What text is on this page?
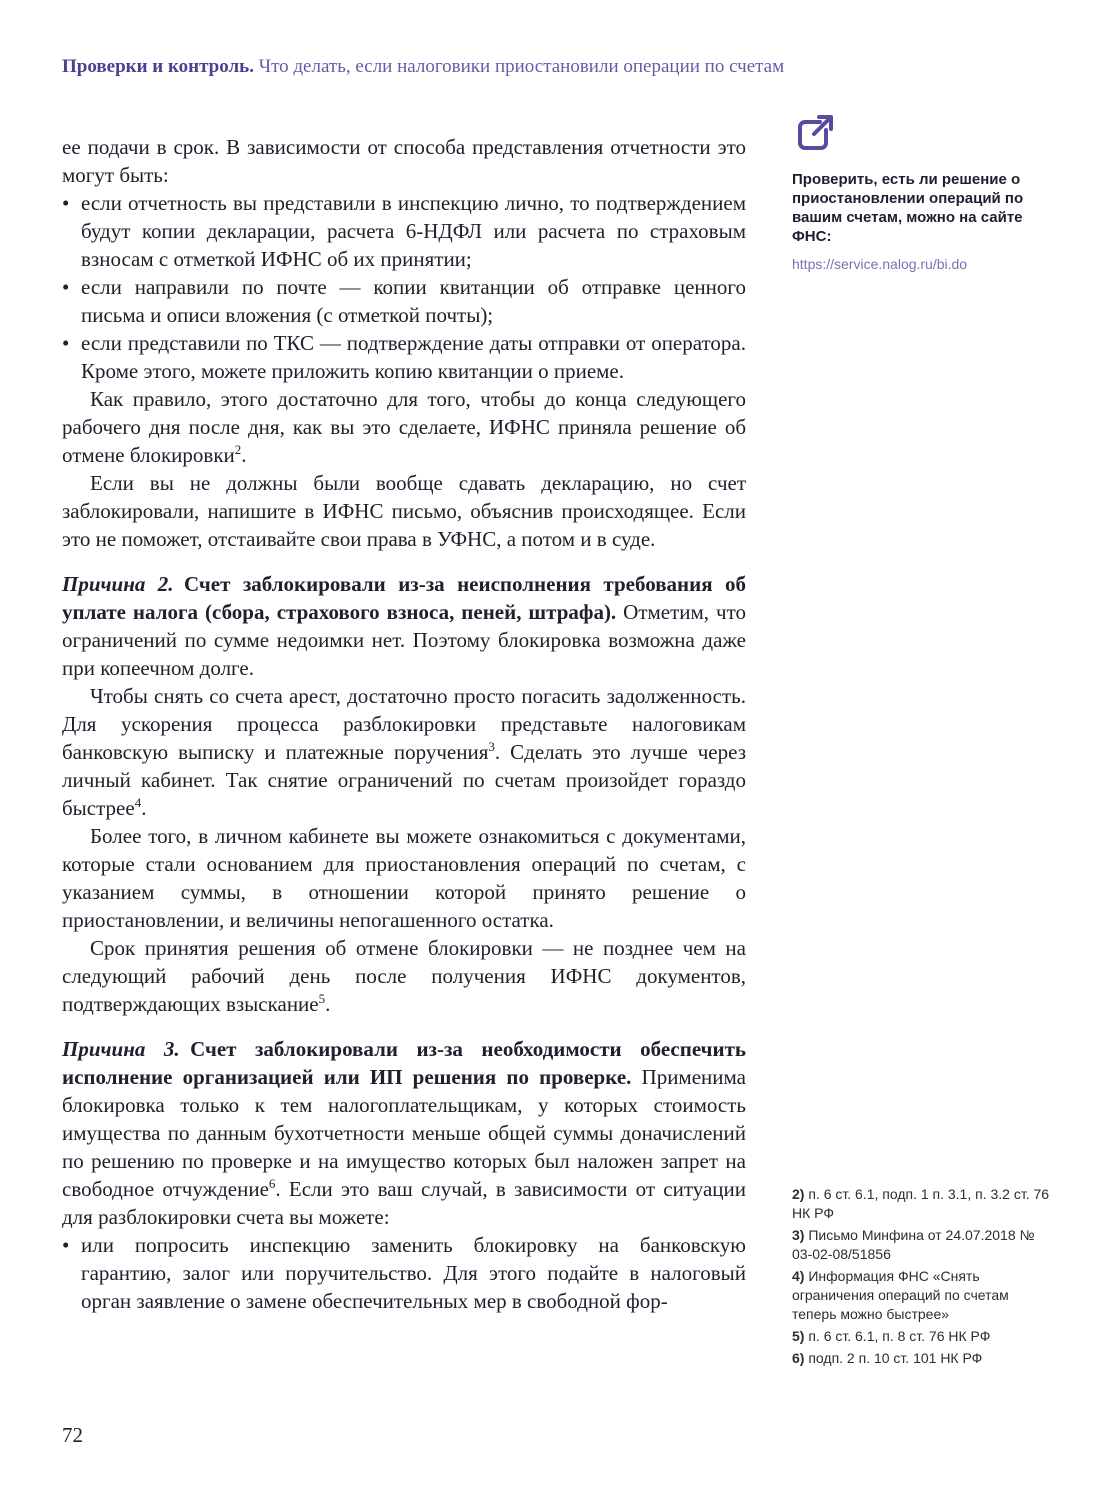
Проверки и контроль. Что делать, если налоговики приостановили операции по счетам
ее подачи в срок. В зависимости от способа представления отчетности это могут быть:
• если отчетность вы представили в инспекцию лично, то подтверждением будут копии декларации, расчета 6-НДФЛ или расчета по страховым взносам с отметкой ИФНС об их принятии;
• если направили по почте — копии квитанции об отправке ценного письма и описи вложения (с отметкой почты);
• если представили по ТКС — подтверждение даты отправки от оператора. Кроме этого, можете приложить копию квитанции о приеме.
Как правило, этого достаточно для того, чтобы до конца следующего рабочего дня после дня, как вы это сделаете, ИФНС приняла решение об отмене блокировки$^2$.
Если вы не должны были вообще сдавать декларацию, но счет заблокировали, напишите в ИФНС письмо, объяснив происходящее. Если это не поможет, отстаивайте свои права в УФНС, а потом и в суде.
Причина 2. Счет заблокировали из-за неисполнения требования об уплате налога (сбора, страхового взноса, пеней, штрафа). Отметим, что ограничений по сумме недоимки нет. Поэтому блокировка возможна даже при копеечном долге.
Чтобы снять со счета арест, достаточно просто погасить задолженность. Для ускорения процесса разблокировки представьте налоговикам банковскую выписку и платежные поручения$^3$. Сделать это лучше через личный кабинет. Так снятие ограничений по счетам произойдет гораздо быстрее$^4$.
Более того, в личном кабинете вы можете ознакомиться с документами, которые стали основанием для приостановления операций по счетам, с указанием суммы, в отношении которой принято решение о приостановлении, и величины непогашенного остатка.
Срок принятия решения об отмене блокировки — не позднее чем на следующий рабочий день после получения ИФНС документов, подтверждающих взыскание$^5$.
Причина 3. Счет заблокировали из-за необходимости обеспечить исполнение организацией или ИП решения по проверке. Применима блокировка только к тем налогоплательщикам, у которых стоимость имущества по данным бухотчетности меньше общей суммы доначислений по решению по проверке и на имущество которых был наложен запрет на свободное отчуждение$^6$. Если это ваш случай, в зависимости от ситуации для разблокировки счета вы можете:
• или попросить инспекцию заменить блокировку на банковскую гарантию, залог или поручительство. Для этого подайте в налоговый орган заявление о замене обеспечительных мер в свободной фор-
Проверить, есть ли решение о приостановлении операций по вашим счетам, можно на сайте ФНС:
https://service.nalog.ru/bi.do
2) п. 6 ст. 6.1, подп. 1 п. 3.1, п. 3.2 ст. 76 НК РФ
3) Письмо Минфина от 24.07.2018 № 03-02-08/51856
4) Информация ФНС «Снять ограничения операций по счетам теперь можно быстрее»
5) п. 6 ст. 6.1, п. 8 ст. 76 НК РФ
6) подп. 2 п. 10 ст. 101 НК РФ
72
